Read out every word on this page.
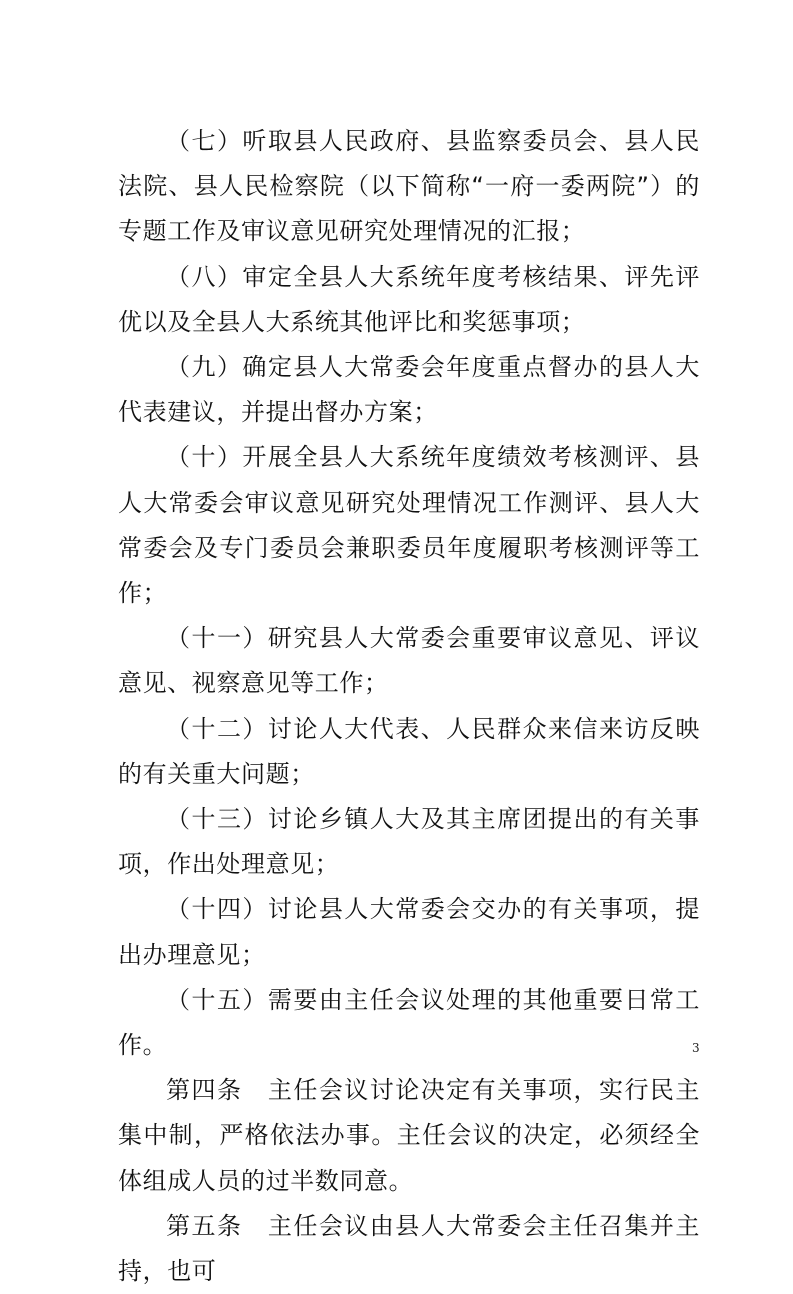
（七）听取县人民政府、县监察委员会、县人民法院、县人民检察院（以下简称“一府一委两院”）的专题工作及审议意见研究处理情况的汇报；

（八）审定全县人大系统年度考核结果、评先评优以及全县人大系统其他评比和奖惩事项；

（九）确定县人大常委会年度重点督办的县人大代表建议，并提出督办方案；

（十）开展全县人大系统年度绩效考核测评、县人大常委会审议意见研究处理情况工作测评、县人大常委会及专门委员会兼职委员年度履职考核测评等工作；

（十一）研究县人大常委会重要审议意见、评议意见、视察意见等工作；

（十二）讨论人大代表、人民群众来信来访反映的有关重大问题；

（十三）讨论乡镇人大及其主席团提出的有关事项，作出处理意见；

（十四）讨论县人大常委会交办的有关事项，提出办理意见；

（十五）需要由主任会议处理的其他重要日常工作。

第四条　主任会议讨论决定有关事项，实行民主集中制，严格依法办事。主任会议的决定，必须经全体组成人员的过半数同意。

第五条　主任会议由县人大常委会主任召集并主持，也可

3
